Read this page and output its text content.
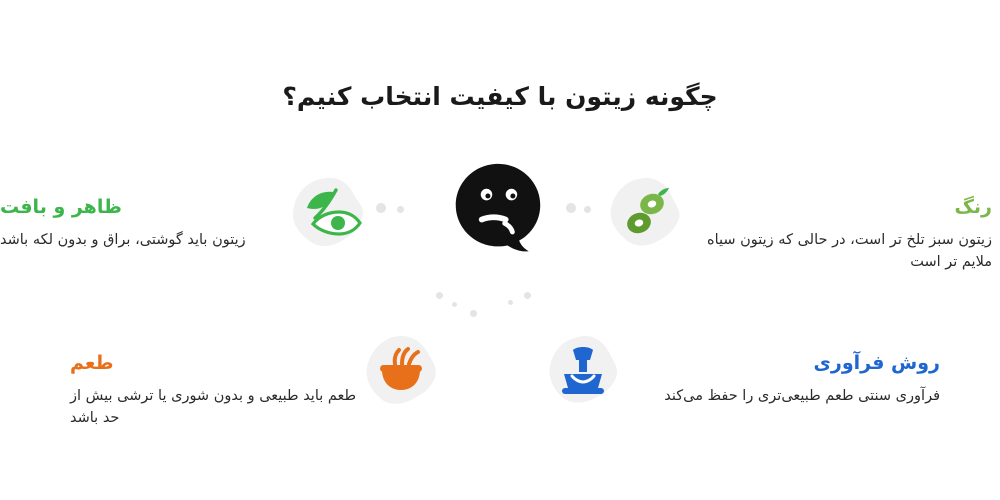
چگونه زیتون با کیفیت انتخاب کنیم؟
ظاهر و بافت
زیتون باید گوشتی، براق و بدون لکه باشد
رنگ
زیتون سبز تلخ تر است، در حالی که زیتون سیاه ملایم تر است
طعم
طعم باید طبیعی و بدون شوری یا ترشی بیش از حد باشد
روش فرآوری
فرآوری سنتی طعم طبیعی‌تری را حفظ می‌کند
